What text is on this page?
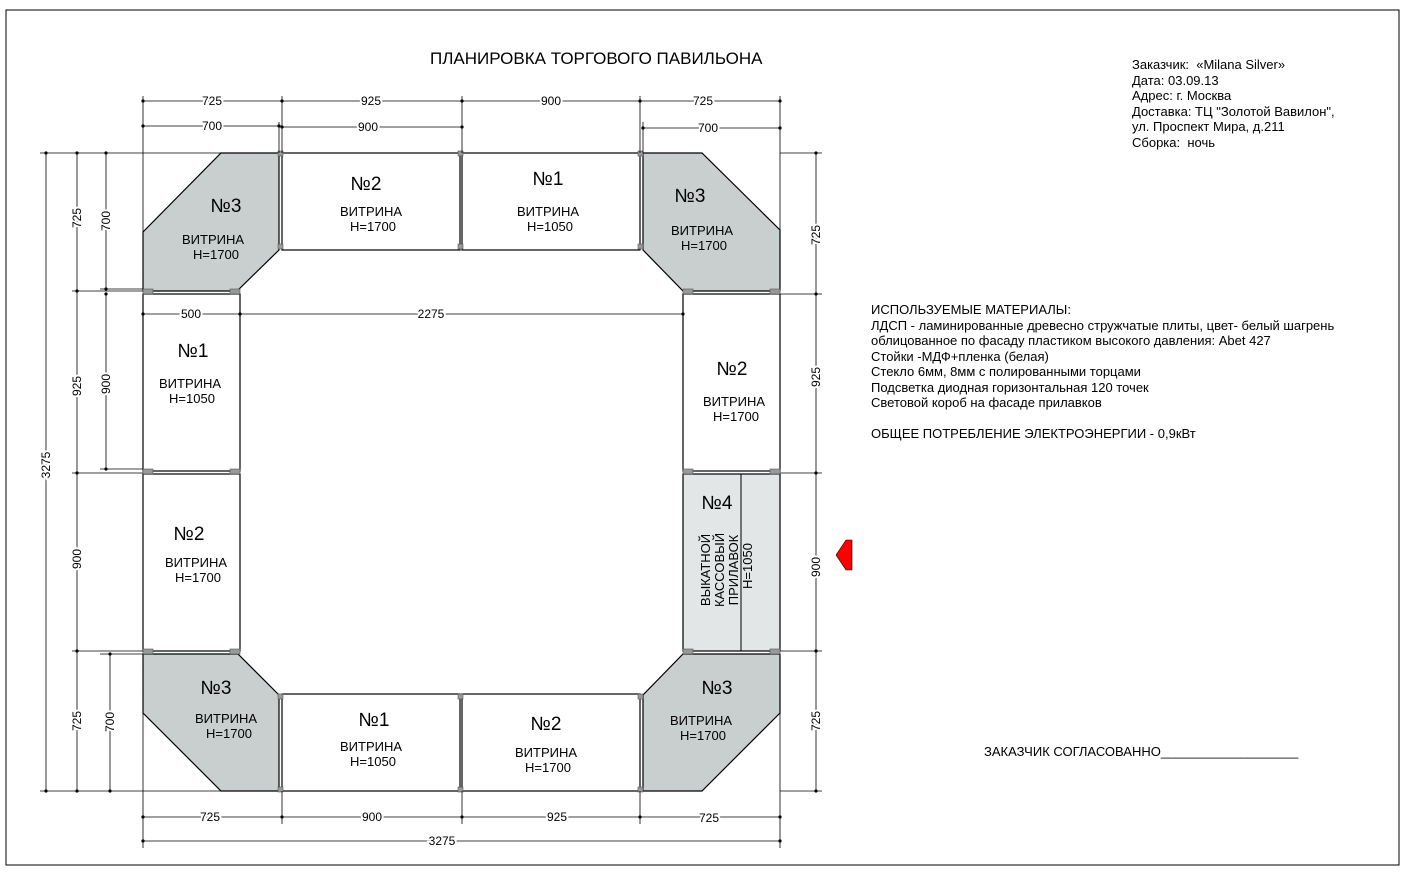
725	925	900	725
700	900	700
500	2275
725	900	925	725
3275
3275
725
925
900
725
700
900
700
725
925
900
725
№3
ВИТРИНА
H=1700
№2
ВИТРИНА
H=1700
№1
ВИТРИНА
H=1050
№3
ВИТРИНА
H=1700
№1
ВИТРИНА
H=1050
№2
ВИТРИНА
H=1700
№2
ВИТРИНА
H=1700
№4
ВЫКАТНОЙ КАССОВЫЙ ПРИЛАВОК H=1050
№3
ВИТРИНА
H=1700
№1
ВИТРИНА
H=1050
№2
ВИТРИНА
H=1700
№3
ВИТРИНА
H=1700
ПЛАНИРОВКА ТОРГОВОГО ПАВИЛЬОНА	Заказчик:  «Milana Silver»
Дата: 03.09.13
Адрес: г. Москва
Доставка: ТЦ "Золотой Вавилон",
ул. Проспект Мира, д.211
Сборка:  ночь
ИСПОЛЬЗУЕМЫЕ МАТЕРИАЛЫ:
ЛДСП - ламинированные древесно стружчатые плиты, цвет- белый шагрень
облицованное по фасаду пластиком высокого давления: Abet 427
Стойки -МДФ+пленка (белая)
Стекло 6мм, 8мм с полированными торцами
Подсветка диодная горизонтальная 120 точек
Световой короб на фасаде прилавков
ОБЩЕЕ ПОТРЕБЛЕНИЕ ЭЛЕКТРОЭНЕРГИИ - 0,9кВт
ЗАКАЗЧИК СОГЛАСОВАННО___________________
